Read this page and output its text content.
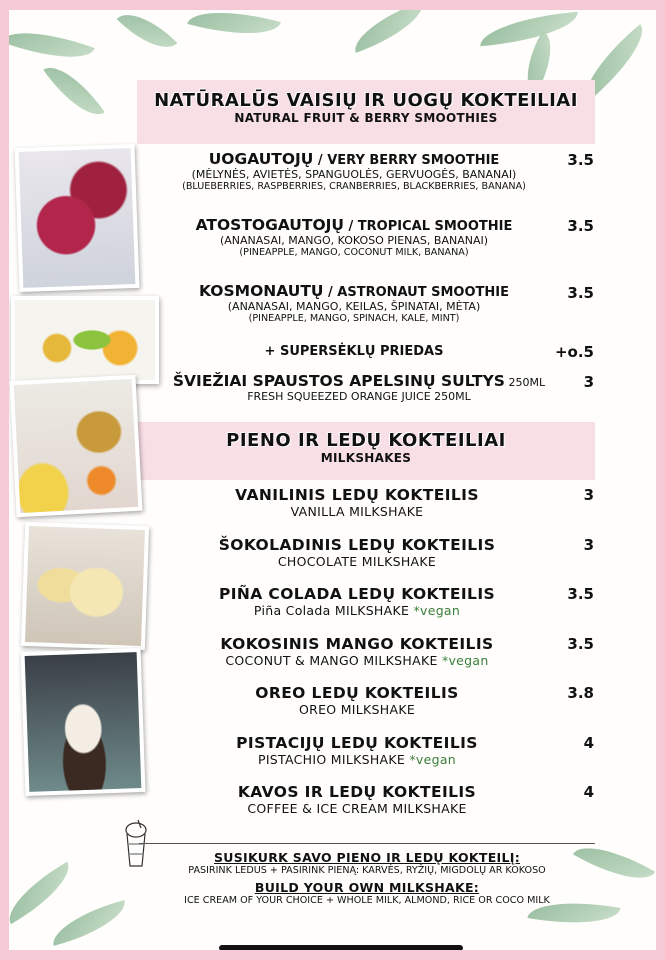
NATŪRALŪS VAISIŲ IR UOGŲ KOKTEILIAI
NATURAL FRUIT & BERRY SMOOTHIES
UOGAUTOJŲ / VERY BERRY SMOOTHIE
(MĖLYNĖS, AVIETĖS, SPANGUOLĖS, GERVUOGĖS, BANANAI)
(BLUEBERRIES, RASPBERRIES, CRANBERRIES, BLACKBERRIES, BANANA)
3.5
ATOSTOGAUTOJŲ / TROPICAL SMOOTHIE
(ANANASAI, MANGO, KOKOSO PIENAS, BANANAI)
(PINEAPPLE, MANGO, COCONUT MILK, BANANA)
3.5
KOSMONAUTŲ / ASTRONAUT SMOOTHIE
(ANANASAI, MANGO, KEILAS, ŠPINATAI, MĖTA)
(PINEAPPLE, MANGO, SPINACH, KALE, MINT)
3.5
+ SUPERSĖKLŲ PRIEDAS	+o.5
ŠVIEŽIAI SPAUSTOS APELSINŲ SULTYS 250ML
FRESH SQUEEZED ORANGE JUICE 250ML
3
PIENO IR LEDŲ KOKTEILIAI
MILKSHAKES
VANILINIS LEDŲ KOKTEILIS
VANILLA MILKSHAKE
3
ŠOKOLADINIS LEDŲ KOKTEILIS
CHOCOLATE MILKSHAKE
3
PIÑA COLADA LEDŲ KOKTEILIS
Piña Colada MILKSHAKE *vegan
3.5
KOKOSINIS MANGO KOKTEILIS
COCONUT & MANGO MILKSHAKE *vegan
3.5
OREO LEDŲ KOKTEILIS
OREO MILKSHAKE
3.8
PISTACIJŲ LEDŲ KOKTEILIS
PISTACHIO MILKSHAKE *vegan
4
KAVOS IR LEDŲ KOKTEILIS
COFFEE & ICE CREAM MILKSHAKE
4
SUSIKURK SAVO PIENO IR LEDŲ KOKTEILĮ:
PASIRINK LEDUS + PASIRINK PIENĄ: KARVĖS, RYŽIŲ, MIGDOLŲ AR KOKOSO
BUILD YOUR OWN MILKSHAKE:
ICE CREAM OF YOUR CHOICE + WHOLE MILK, ALMOND, RICE OR COCO MILK
